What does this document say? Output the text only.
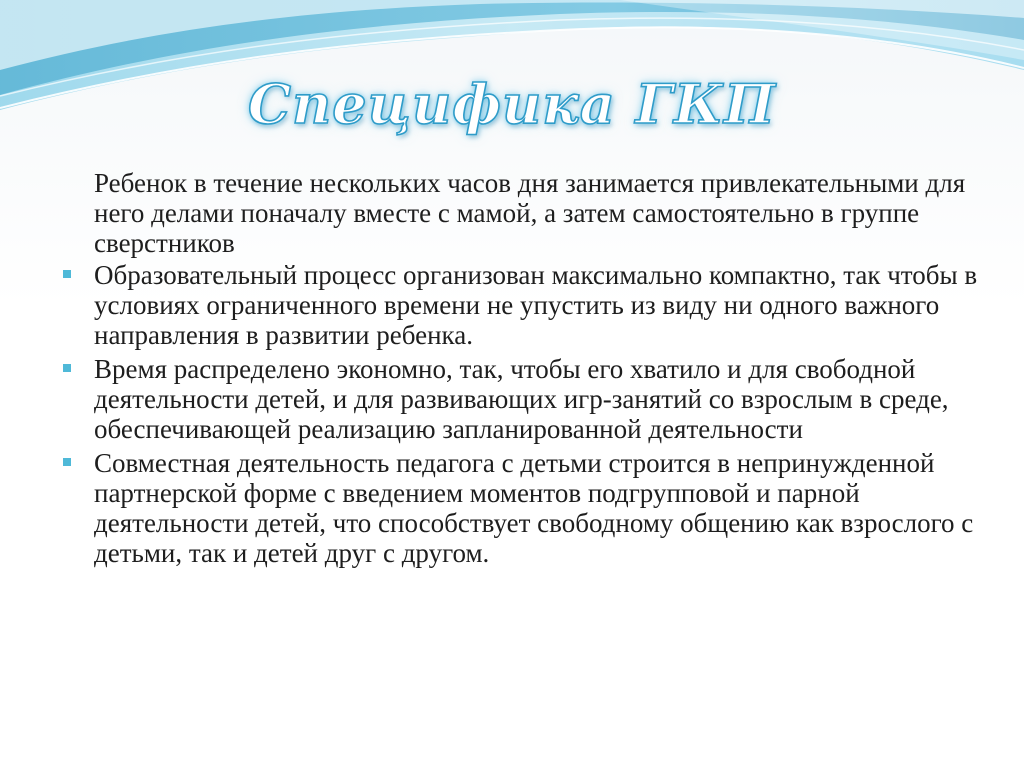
Специфика ГКП

Ребенок в течение нескольких часов дня занимается привлекательными для него делами поначалу вместе с мамой, а затем самостоятельно в группе сверстников

Образовательный процесс организован максимально компактно, так чтобы в условиях ограниченного времени не упустить из виду ни одного важного направления в развитии ребенка.
Время распределено экономно, так, чтобы его хватило и для свободной деятельности детей, и для развивающих игр-занятий со взрослым в среде, обеспечивающей реализацию запланированной деятельности
Совместная деятельность педагога с детьми строится в непринужденной партнерской форме с введением моментов подгрупповой и парной деятельности детей, что способствует свободному общению как взрослого с детьми, так и детей друг с другом.
